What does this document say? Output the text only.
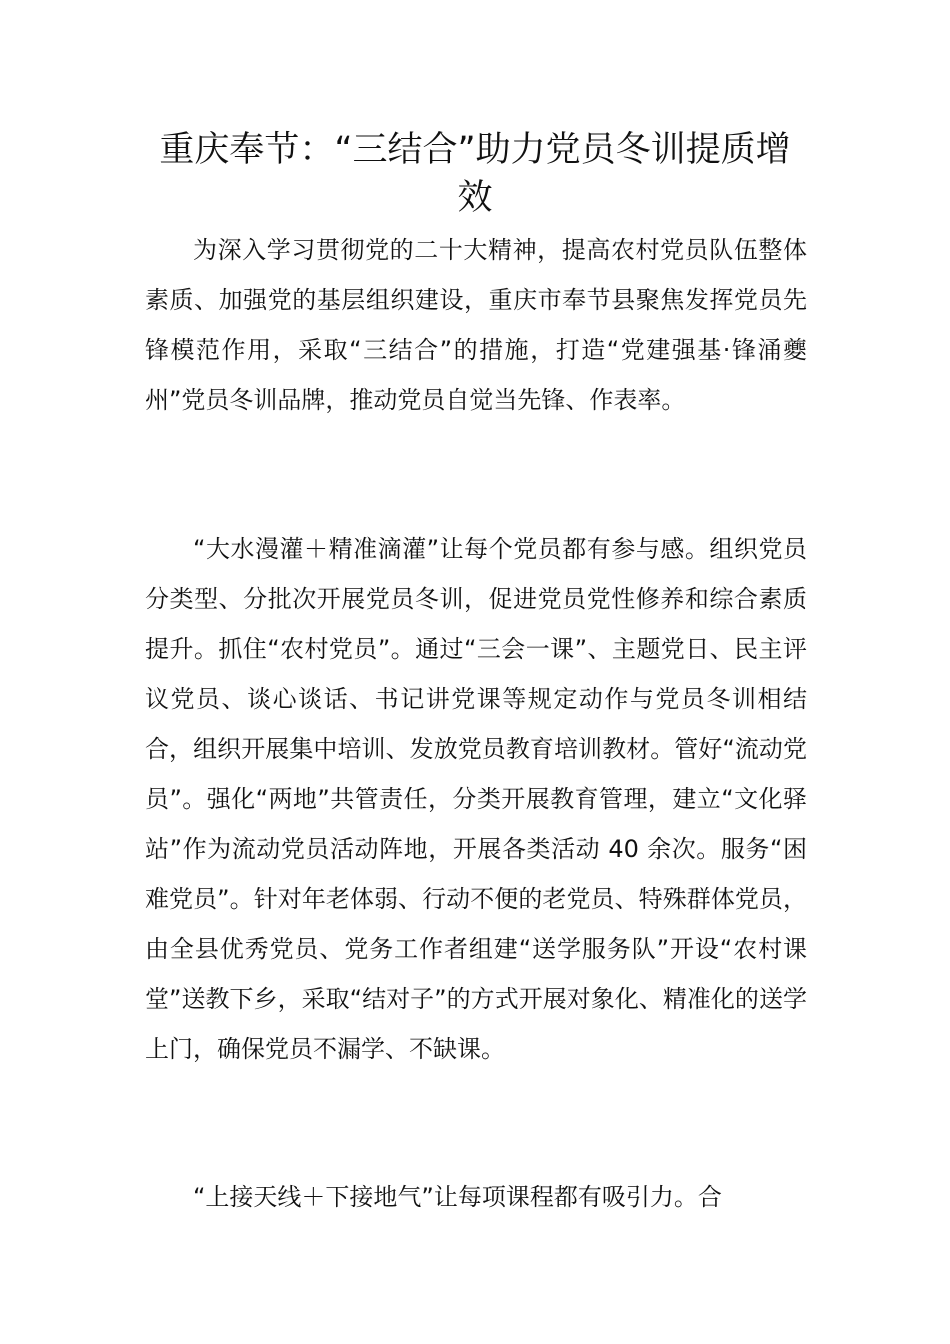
重庆奉节：“三结合”助力党员冬训提质增效

为深入学习贯彻党的二十大精神，提高农村党员队伍整体素质、加强党的基层组织建设，重庆市奉节县聚焦发挥党员先锋模范作用，采取“三结合”的措施，打造“党建强基·锋涌夔州”党员冬训品牌，推动党员自觉当先锋、作表率。

“大水漫灌＋精准滴灌”让每个党员都有参与感。组织党员分类型、分批次开展党员冬训，促进党员党性修养和综合素质提升。抓住“农村党员”。通过“三会一课”、主题党日、民主评议党员、谈心谈话、书记讲党课等规定动作与党员冬训相结合，组织开展集中培训、发放党员教育培训教材。管好“流动党员”。强化“两地”共管责任，分类开展教育管理，建立“文化驿站”作为流动党员活动阵地，开展各类活动 40 余次。服务“困难党员”。针对年老体弱、行动不便的老党员、特殊群体党员，由全县优秀党员、党务工作者组建“送学服务队”开设“农村课堂”送教下乡，采取“结对子”的方式开展对象化、精准化的送学上门，确保党员不漏学、不缺课。

“上接天线＋下接地气”让每项课程都有吸引力。合
